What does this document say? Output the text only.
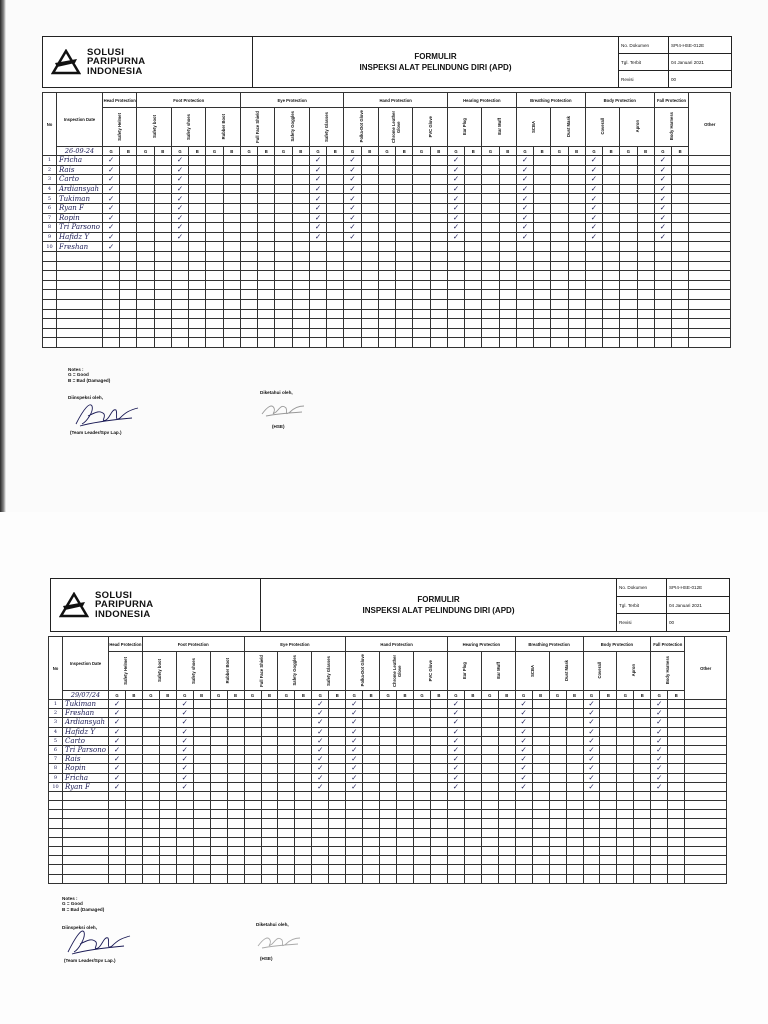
SOLUSI
PARIPURNA
INDONESIA
FORMULIR
INSPEKSI ALAT PELINDUNG DIRI (APD)
No. Dokumen	SPI4-HSE-012E
Tgl. Terbit	04 Januari 2021
Revisi	00
No	Inspection Date	Head Protection		Foot Protection						Eye Protection						Hand Protection						Hearing Protection				Breathing Protection				Body Protection				Fall Protection		Other
		Safety Helmet		Safety boot		Safety shoes		Rubber Boot		Full Face Shield		Safety Goggles		Safety Glasses		Polka-Dot Glove		Chrome Leather Glove		PVC Glove		Ear Plug		Ear Muff		SCBA		Dust Mask		Coverall		Apron		Body Harness		
	26-09-24	G	B	G	B	G	B	G	B	G	B	G	B	G	B	G	B	G	B	G	B	G	B	G	B	G	B	G	B	G	B	G	B	G	B	
1	Fricha	✓				✓								✓		✓						✓				✓				✓				✓		
2	Rais	✓				✓								✓		✓						✓				✓				✓				✓		
3	Carto	✓				✓								✓		✓						✓				✓				✓				✓		
4	Ardiansyah	✓				✓								✓		✓						✓				✓				✓				✓		
5	Tukiman	✓				✓								✓		✓						✓				✓				✓				✓		
6	Ryan F	✓				✓								✓		✓						✓				✓				✓				✓		
7	Ropin	✓				✓								✓		✓						✓				✓				✓				✓		
8	Tri Parsono	✓				✓								✓		✓						✓				✓				✓				✓		
9	Hafidz Y	✓				✓								✓		✓						✓				✓				✓				✓		
10	Freshan	✓																																		

Notes :
G = Good
B = Bad (Damaged)
Diinspeksi oleh,
(Team Leader/Spv Lap.)
Diketahui oleh,
(HSE)
SOLUSI
PARIPURNA
INDONESIA
FORMULIR
INSPEKSI ALAT PELINDUNG DIRI (APD)
No. Dokumen	SPI4-HSE-012E
Tgl. Terbit	04 Januari 2021
Revisi	00
No	Inspection Date	Head Protection		Foot Protection						Eye Protection						Hand Protection						Hearing Protection				Breathing Protection				Body Protection				Fall Protection		Other
		Safety Helmet		Safety boot		Safety shoes		Rubber Boot		Full Face Shield		Safety Goggles		Safety Glasses		Polka-Dot Glove		Chrome Leather Glove		PVC Glove		Ear Plug		Ear Muff		SCBA		Dust Mask		Coverall		Apron		Body Harness		
	29/07/24	G	B	G	B	G	B	G	B	G	B	G	B	G	B	G	B	G	B	G	B	G	B	G	B	G	B	G	B	G	B	G	B	G	B	
1	Tukiman	✓				✓								✓		✓						✓				✓				✓				✓		
2	Freshan	✓				✓								✓		✓						✓				✓				✓				✓		
3	Ardiansyah	✓				✓								✓		✓						✓				✓				✓				✓		
4	Hafidz Y	✓				✓								✓		✓						✓				✓				✓				✓		
5	Carto	✓				✓								✓		✓						✓				✓				✓				✓		
6	Tri Parsono	✓				✓								✓		✓						✓				✓				✓				✓		
7	Rais	✓				✓								✓		✓						✓				✓				✓				✓		
8	Ropin	✓				✓								✓		✓						✓				✓				✓				✓		
9	Fricha	✓				✓								✓		✓						✓				✓				✓				✓		
10	Ryan F	✓				✓								✓		✓						✓				✓				✓				✓		

Notes :
G = Good
B = Bad (Damaged)
Diinspeksi oleh,
(Team Leader/Spv Lap.)
Diketahui oleh,
(HSE)
